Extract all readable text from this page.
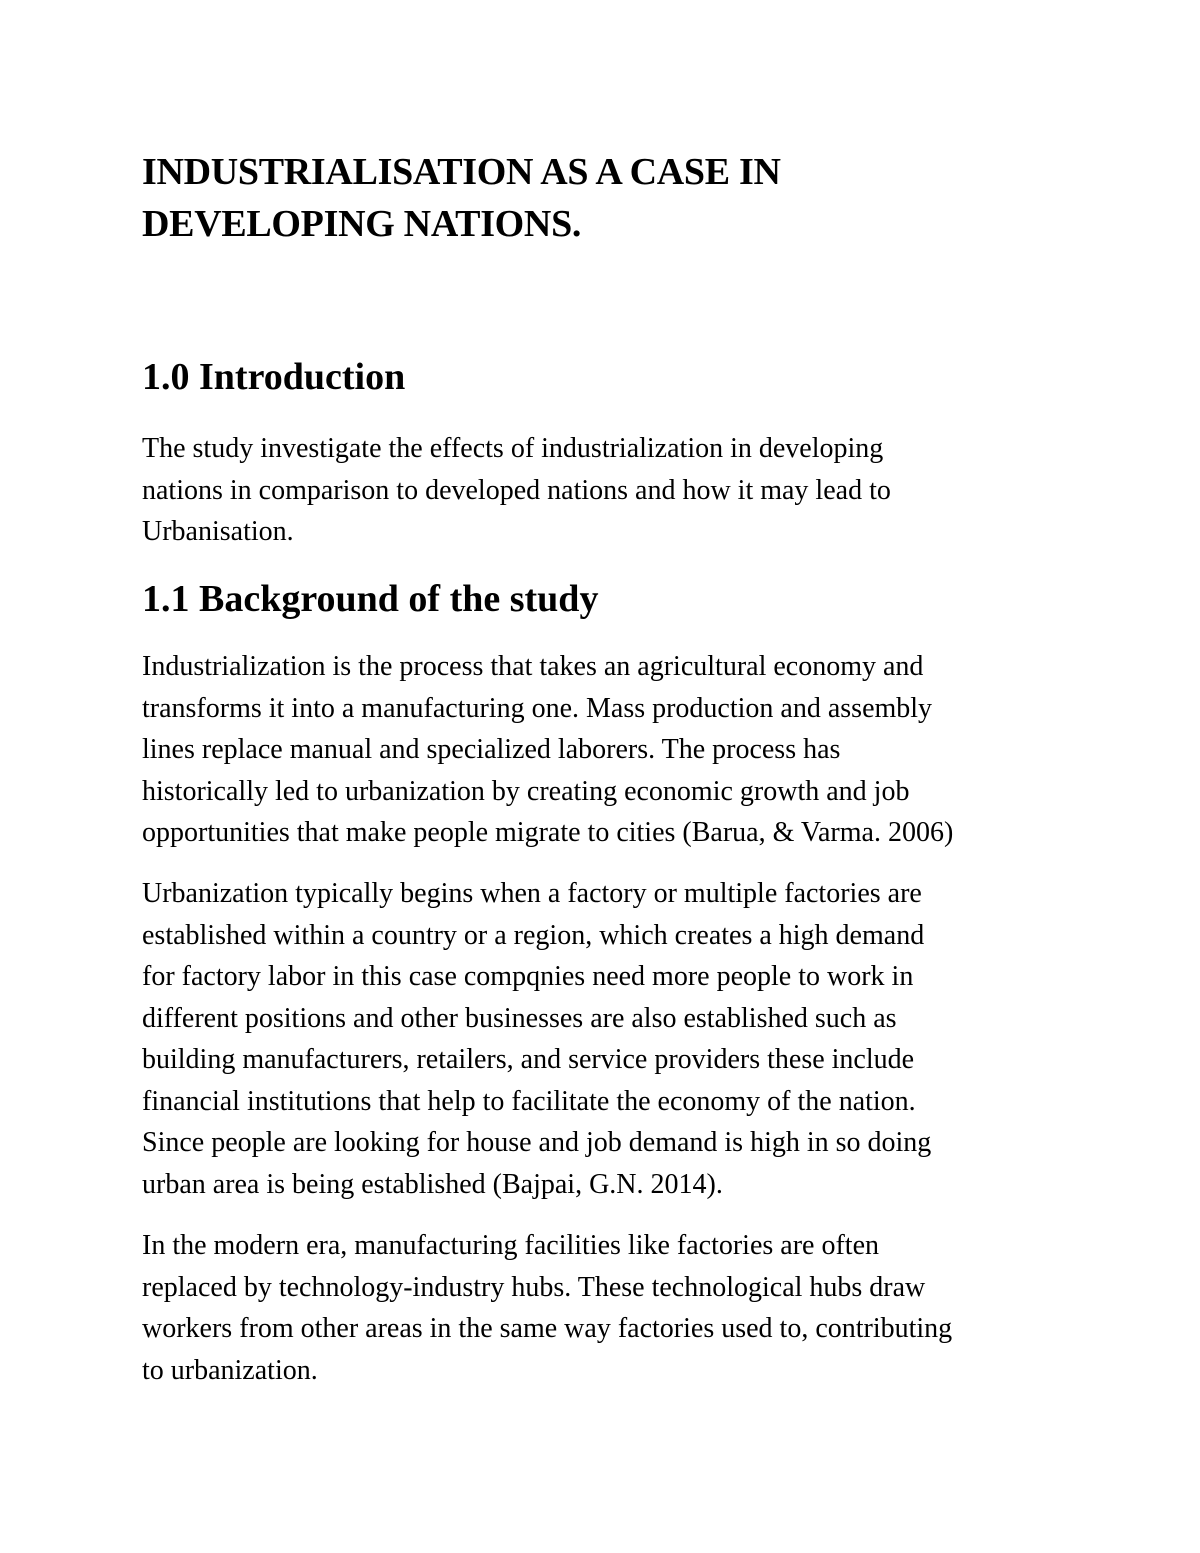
INDUSTRIALISATION AS A CASE IN
DEVELOPING NATIONS.
1.0 Introduction

The study investigate the effects of industrialization in developing
nations in comparison to developed nations and how it may lead to
Urbanisation.

1.1 Background of the study

Industrialization is the process that takes an agricultural economy and
transforms it into a manufacturing one. Mass production and assembly
lines replace manual and specialized laborers. The process has
historically led to urbanization by creating economic growth and job
opportunities that make people migrate to cities (Barua, & Varma. 2006)

Urbanization typically begins when a factory or multiple factories are
established within a country or a region, which creates a high demand
for factory labor in this case compqnies need more people to work in
different positions and other businesses are also established such as
building manufacturers, retailers, and service providers these include
financial institutions that help to facilitate the economy of the nation.
Since people are looking for house and job demand is high in so doing
urban area is being established (Bajpai, G.N. 2014).

In the modern era, manufacturing facilities like factories are often
replaced by technology-industry hubs. These technological hubs draw
workers from other areas in the same way factories used to, contributing
to urbanization.
